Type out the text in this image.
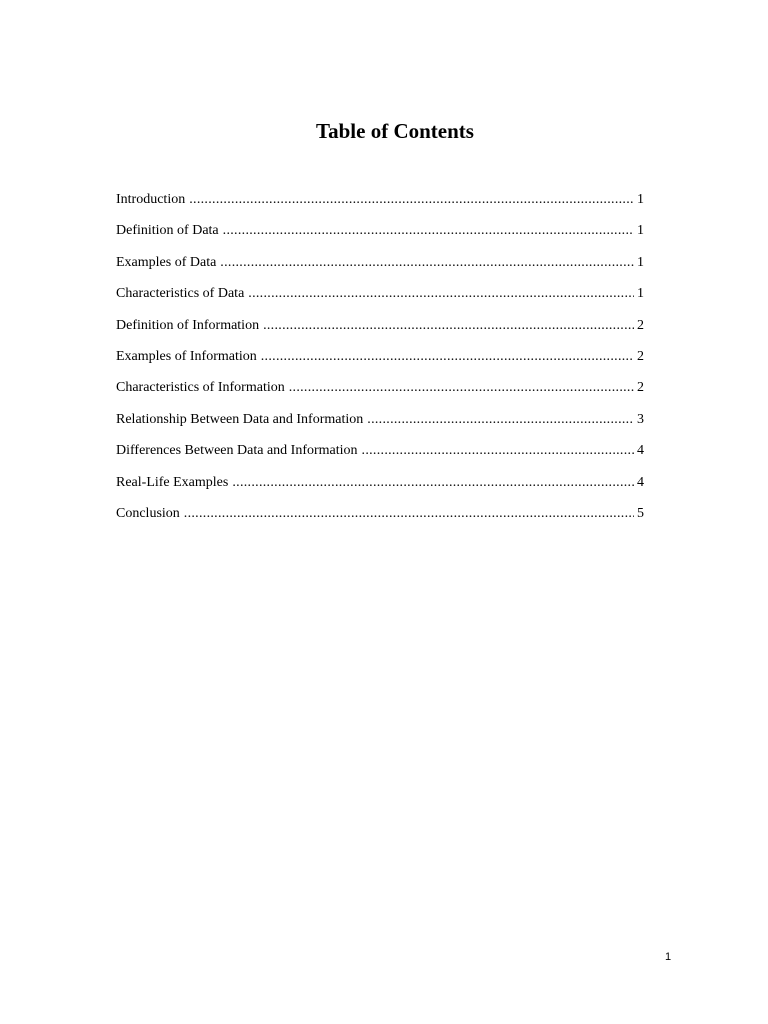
Table of Contents
Introduction .....	1
Definition of Data .....	1
Examples of Data .....	1
Characteristics of Data .....	1
Definition of Information .....	2
Examples of Information .....	2
Characteristics of Information .....	2
Relationship Between Data and Information .....	3
Differences Between Data and Information .....	4
Real-Life Examples .....	4
Conclusion .....	5
1
